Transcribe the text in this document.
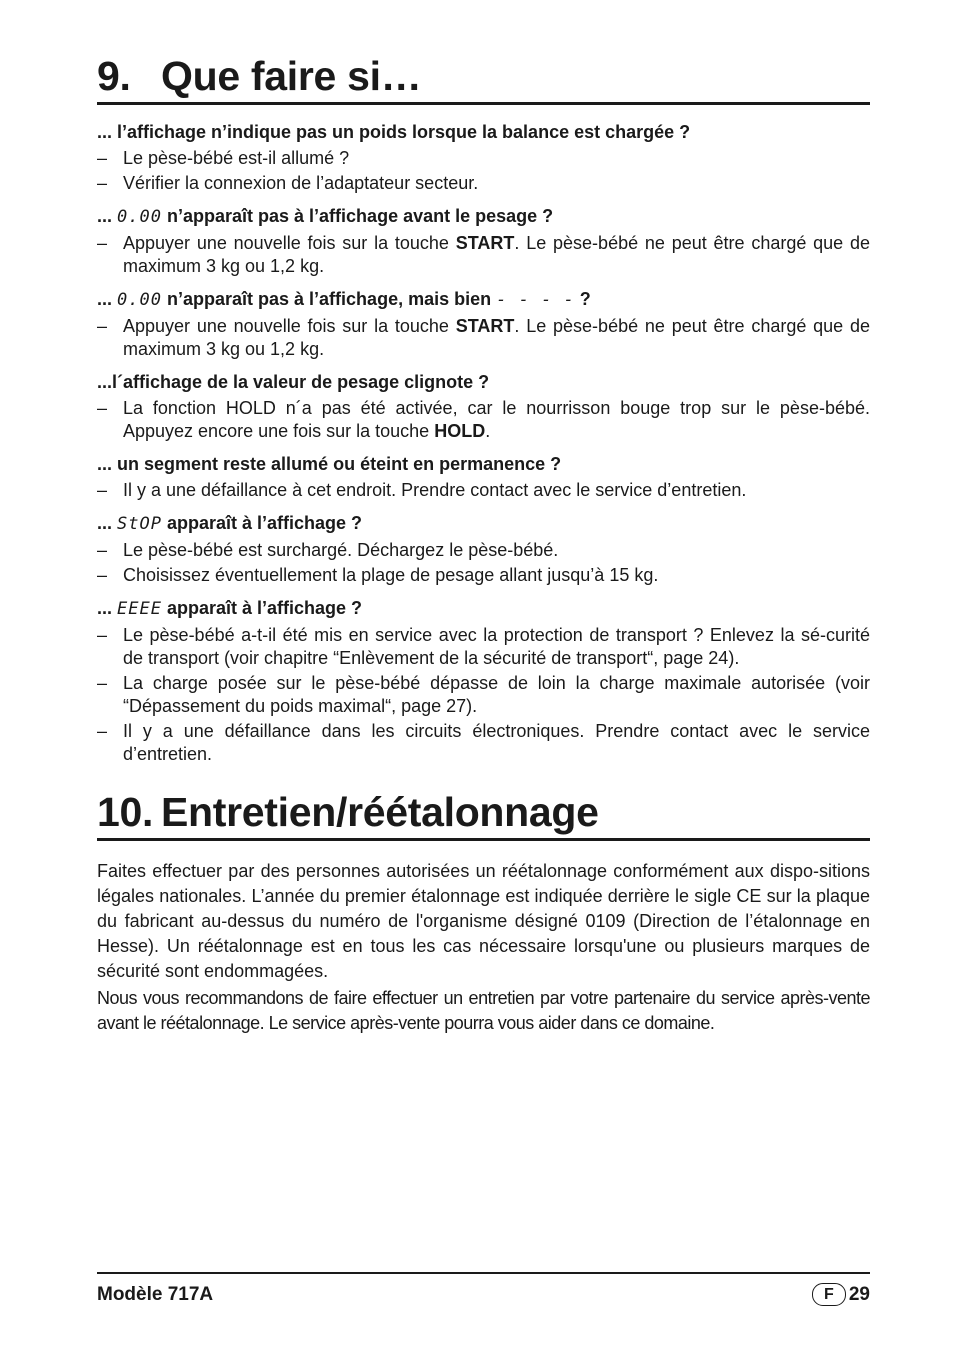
9. Que faire si…
... l’affichage n’indique pas un poids lorsque la balance est chargée ?
– Le pèse-bébé est-il allumé ?
– Vérifier la connexion de l’adaptateur secteur.
... 0.00 n’apparaît pas à l’affichage avant le pesage ?
– Appuyer une nouvelle fois sur la touche START. Le pèse-bébé ne peut être chargé que de maximum 3 kg ou 1,2 kg.
... 0.00 n’apparaît pas à l’affichage, mais bien - - - - ?
– Appuyer une nouvelle fois sur la touche START. Le pèse-bébé ne peut être chargé que de maximum 3 kg ou 1,2 kg.
...l´affichage de la valeur de pesage clignote ?
– La fonction HOLD n´a pas été activée, car le nourrisson bouge trop sur le pèse-bébé. Appuyez encore une fois sur la touche HOLD.
... un segment reste allumé ou éteint en permanence ?
– Il y a une défaillance à cet endroit. Prendre contact avec le service d’entretien.
... StOP apparaît à l’affichage ?
– Le pèse-bébé est surchargé. Déchargez le pèse-bébé.
– Choisissez éventuellement la plage de pesage allant jusqu’à 15 kg.
... EEEE apparaît à l’affichage ?
– Le pèse-bébé a-t-il été mis en service avec la protection de transport ? Enlevez la sé-curité de transport (voir chapitre “Enlèvement de la sécurité de transport“, page 24).
– La charge posée sur le pèse-bébé dépasse de loin la charge maximale autorisée (voir “Dépassement du poids maximal“, page 27).
– Il y a une défaillance dans les circuits électroniques. Prendre contact avec le service d’entretien.
10. Entretien/réétalonnage

Faites effectuer par des personnes autorisées un réétalonnage conformément aux dispo-sitions légales nationales. L’année du premier étalonnage est indiquée derrière le sigle CE sur la plaque du fabricant au-dessus du numéro de l'organisme désigné 0109 (Direction de l’étalonnage en Hesse). Un réétalonnage est en tous les cas nécessaire lorsqu'une ou plusieurs marques de sécurité sont endommagées.

Nous vous recommandons de faire effectuer un entretien par votre partenaire du service après-vente avant le réétalonnage. Le service après-vente pourra vous aider dans ce domaine.

Modèle 717A	F 29
